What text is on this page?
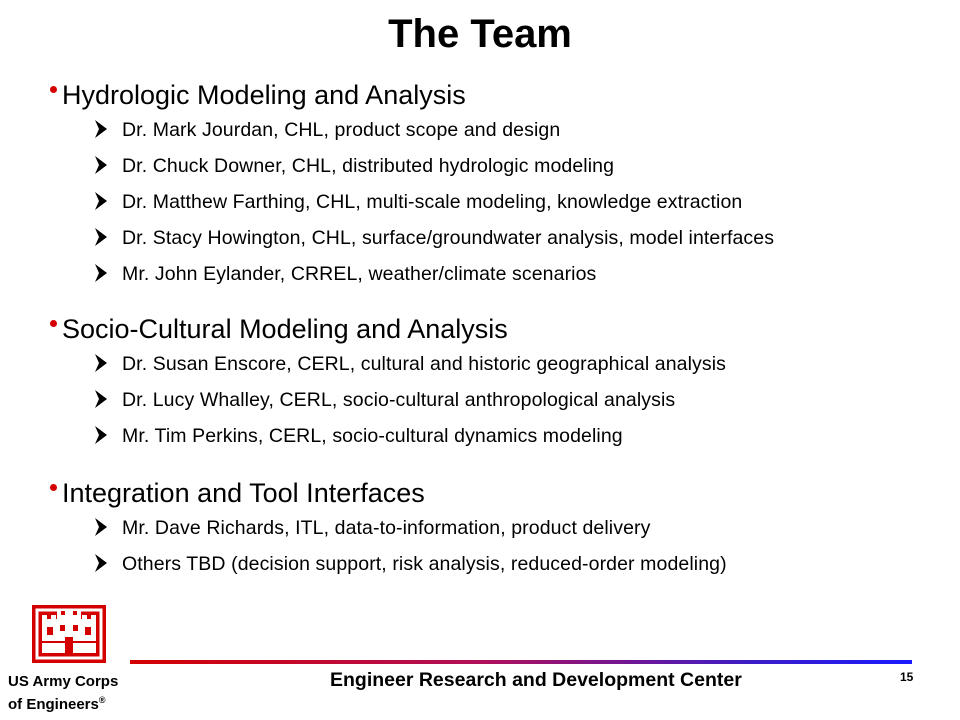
The Team
Hydrologic Modeling and Analysis
Dr. Mark Jourdan, CHL, product scope and design
Dr. Chuck Downer, CHL, distributed hydrologic modeling
Dr. Matthew Farthing, CHL, multi-scale modeling, knowledge extraction
Dr. Stacy Howington, CHL, surface/groundwater analysis, model interfaces
Mr. John Eylander, CRREL, weather/climate scenarios
Socio-Cultural Modeling and Analysis
Dr. Susan Enscore, CERL, cultural and historic geographical analysis
Dr. Lucy Whalley, CERL, socio-cultural anthropological analysis
Mr. Tim Perkins, CERL, socio-cultural dynamics modeling
Integration and Tool Interfaces
Mr. Dave Richards, ITL, data-to-information, product delivery
Others TBD (decision support, risk analysis, reduced-order modeling)
US Army Corps
of Engineers®
Engineer Research and Development Center	15
